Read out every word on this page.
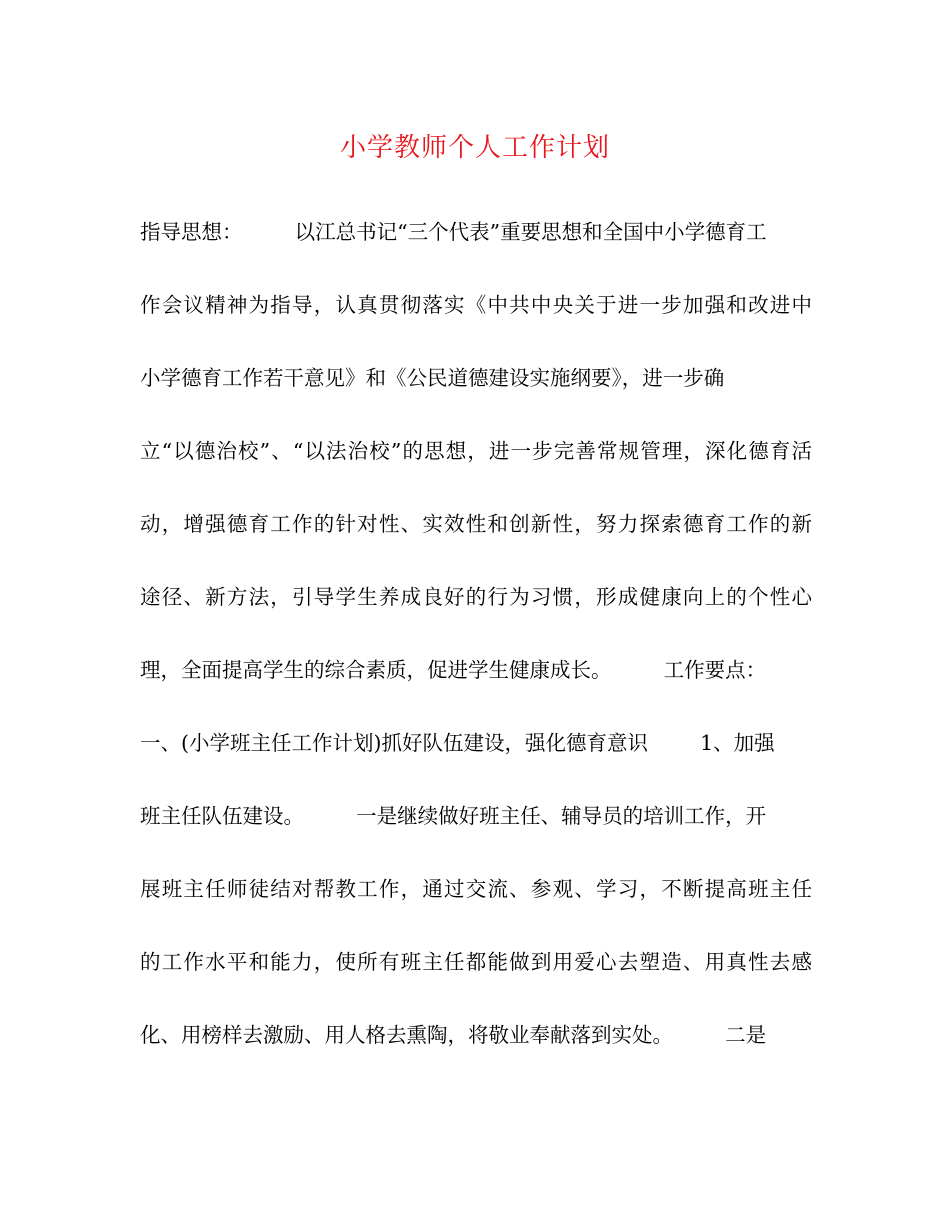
小学教师个人工作计划
指导思想：        以江总书记“三个代表”重要思想和全国中小学德育工
作会议精神为指导，认真贯彻落实《中共中央关于进一步加强和改进中
小学德育工作若干意见》和《公民道德建设实施纲要》，进一步确
立“以德治校”、“以法治校”的思想，进一步完善常规管理，深化德育活
动，增强德育工作的针对性、实效性和创新性，努力探索德育工作的新
途径、新方法，引导学生养成良好的行为习惯，形成健康向上的个性心
理，全面提高学生的综合素质，促进学生健康成长。        工作要点：
一、(小学班主任工作计划)抓好队伍建设，强化德育意识        1、加强
班主任队伍建设。        一是继续做好班主任、辅导员的培训工作，开
展班主任师徒结对帮教工作，通过交流、参观、学习，不断提高班主任
的工作水平和能力，使所有班主任都能做到用爱心去塑造、用真性去感
化、用榜样去激励、用人格去熏陶，将敬业奉献落到实处。        二是
